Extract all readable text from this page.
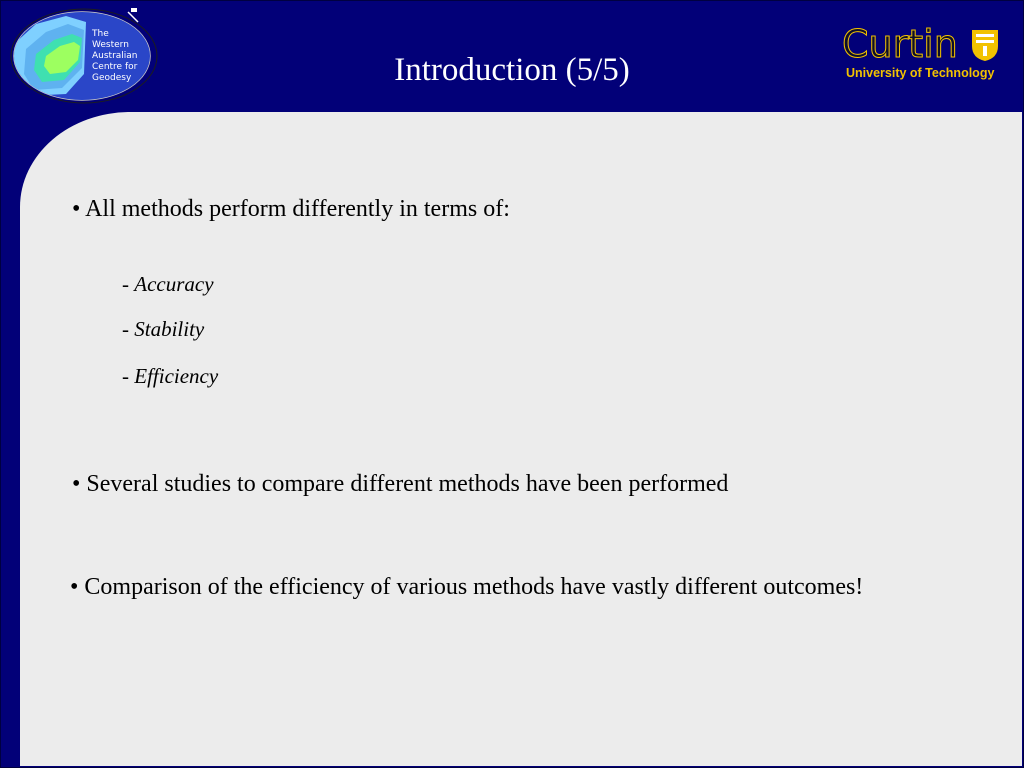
The
Western
Australian
Centre for
Geodesy	Introduction (5/5)
Curtin
University of Technology
• All methods perform differently in terms of:
- Accuracy
- Stability
- Efficiency
• Several studies to compare different methods have been performed
• Comparison of the efficiency of various methods have vastly different outcomes!
